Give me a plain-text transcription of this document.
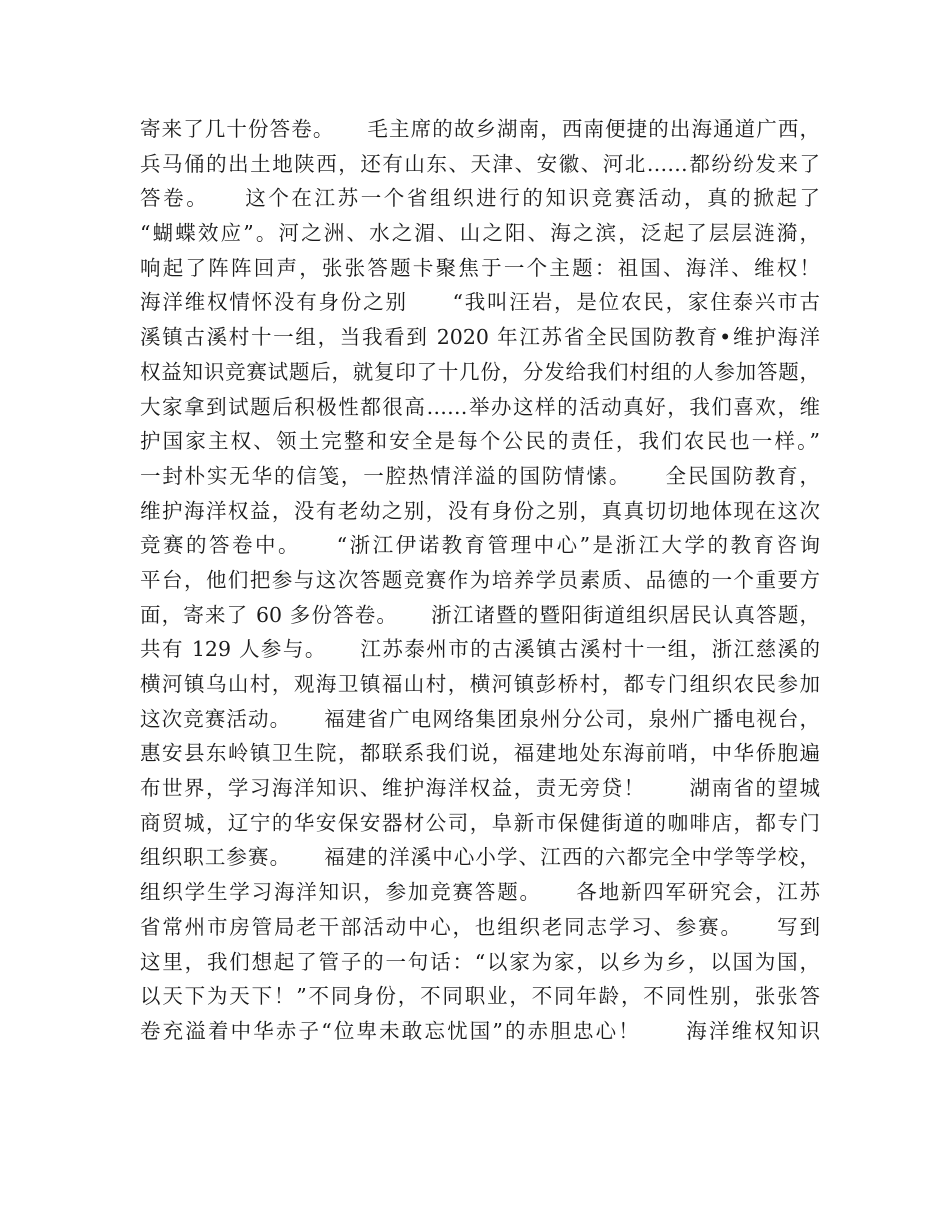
寄来了几十份答卷。　　毛主席的故乡湖南，西南便捷的出海通道广西，
兵马俑的出土地陕西，还有山东、天津、安徽、河北……都纷纷发来了
答卷。　　这个在江苏一个省组织进行的知识竞赛活动，真的掀起了
“蝴蝶效应”。河之洲、水之湄、山之阳、海之滨，泛起了层层涟漪，
响起了阵阵回声，张张答题卡聚焦于一个主题：祖国、海洋、维权！
海洋维权情怀没有身份之别　　“我叫汪岩，是位农民，家住泰兴市古
溪镇古溪村十一组，当我看到 2020 年江苏省全民国防教育•维护海洋
权益知识竞赛试题后，就复印了十几份，分发给我们村组的人参加答题，
大家拿到试题后积极性都很高……举办这样的活动真好，我们喜欢，维
护国家主权、领土完整和安全是每个公民的责任，我们农民也一样。”
一封朴实无华的信笺，一腔热情洋溢的国防情愫。　　全民国防教育，
维护海洋权益，没有老幼之别，没有身份之别，真真切切地体现在这次
竞赛的答卷中。　　“浙江伊诺教育管理中心”是浙江大学的教育咨询
平台，他们把参与这次答题竞赛作为培养学员素质、品德的一个重要方
面，寄来了 60 多份答卷。　　浙江诸暨的暨阳街道组织居民认真答题，
共有 129 人参与。　　江苏泰州市的古溪镇古溪村十一组，浙江慈溪的
横河镇乌山村，观海卫镇福山村，横河镇彭桥村，都专门组织农民参加
这次竞赛活动。　　福建省广电网络集团泉州分公司，泉州广播电视台，
惠安县东岭镇卫生院，都联系我们说，福建地处东海前哨，中华侨胞遍
布世界，学习海洋知识、维护海洋权益，责无旁贷！　　湖南省的望城
商贸城，辽宁的华安保安器材公司，阜新市保健街道的咖啡店，都专门
组织职工参赛。　　福建的洋溪中心小学、江西的六都完全中学等学校，
组织学生学习海洋知识，参加竞赛答题。　　各地新四军研究会，江苏
省常州市房管局老干部活动中心，也组织老同志学习、参赛。　　写到
这里，我们想起了管子的一句话：“以家为家，以乡为乡，以国为国，
以天下为天下！”不同身份，不同职业，不同年龄，不同性别，张张答
卷充溢着中华赤子“位卑未敢忘忧国”的赤胆忠心！　　海洋维权知识
